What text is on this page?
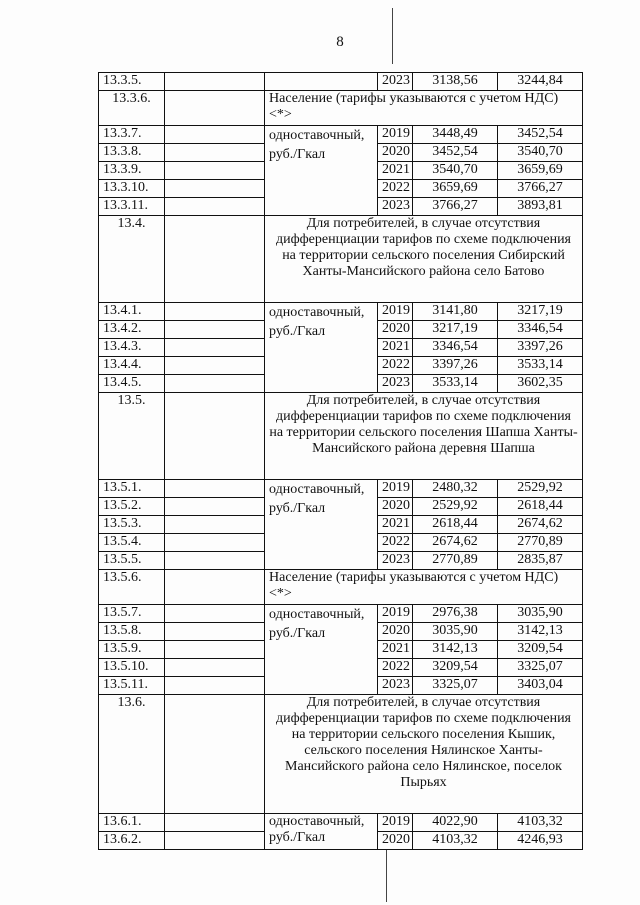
8
13.3.5.			2023	3138,56	3244,84
13.3.6.		Население (тарифы указываются с учетом НДС) <*>			
13.3.7.		одноставочный, руб./Гкал	2019	3448,49	3452,54
13.3.8.			2020	3452,54	3540,70
13.3.9.			2021	3540,70	3659,69
13.3.10.			2022	3659,69	3766,27
13.3.11.			2023	3766,27	3893,81
13.4.		Для потребителей, в случае отсутствия дифференциации тарифов по схеме подключения на территории сельского поселения Сибирский Ханты-Мансийского района село Батово			
13.4.1.		одноставочный, руб./Гкал	2019	3141,80	3217,19
13.4.2.			2020	3217,19	3346,54
13.4.3.			2021	3346,54	3397,26
13.4.4.			2022	3397,26	3533,14
13.4.5.			2023	3533,14	3602,35
13.5.		Для потребителей, в случае отсутствия дифференциации тарифов по схеме подключения на территории сельского поселения Шапша Ханты-Мансийского района деревня Шапша			
13.5.1.		одноставочный, руб./Гкал	2019	2480,32	2529,92
13.5.2.			2020	2529,92	2618,44
13.5.3.			2021	2618,44	2674,62
13.5.4.			2022	2674,62	2770,89
13.5.5.			2023	2770,89	2835,87
13.5.6.		Население (тарифы указываются с учетом НДС) <*>			
13.5.7.		одноставочный, руб./Гкал	2019	2976,38	3035,90
13.5.8.			2020	3035,90	3142,13
13.5.9.			2021	3142,13	3209,54
13.5.10.			2022	3209,54	3325,07
13.5.11.			2023	3325,07	3403,04
13.6.		Для потребителей, в случае отсутствия дифференциации тарифов по схеме подключения на территории сельского поселения Кышик, сельского поселения Нялинское Ханты-Мансийского района село Нялинское, поселок Пырьях			
13.6.1.		одноставочный, руб./Гкал	2019	4022,90	4103,32
13.6.2.			2020	4103,32	4246,93
